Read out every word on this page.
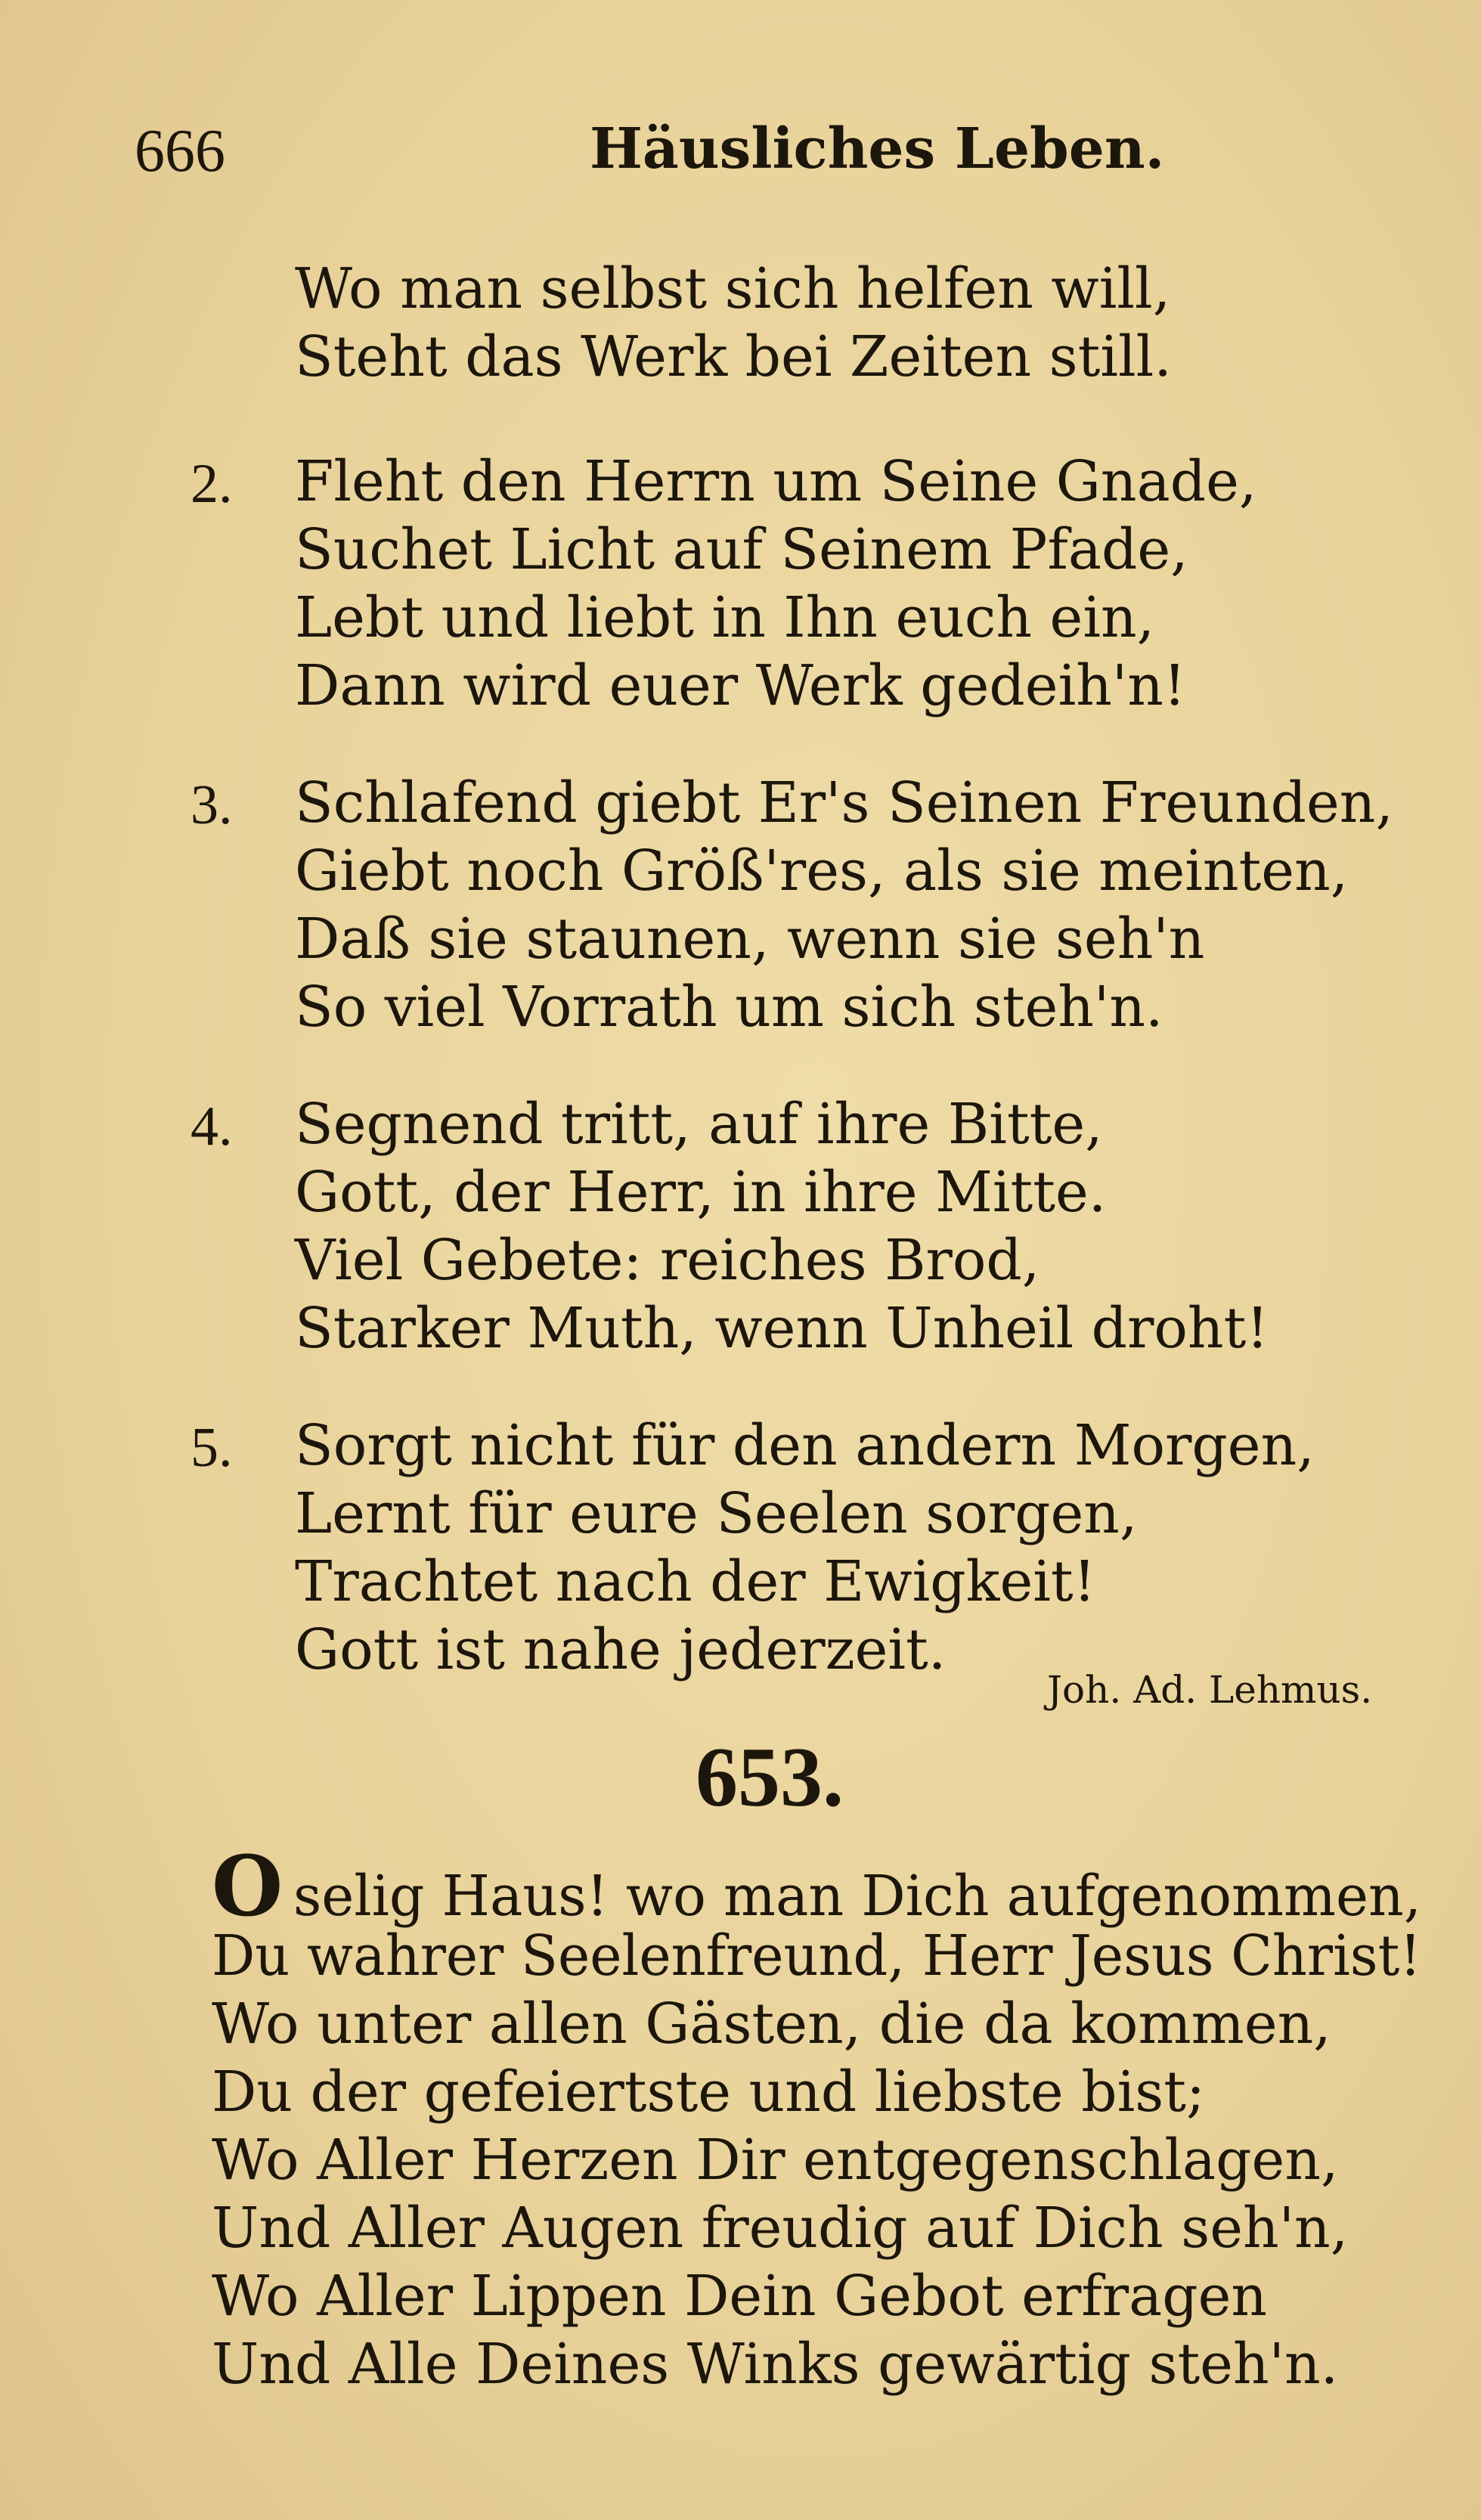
666	Häusliches Leben.
Wo man selbst sich helfen will,
Steht das Werk bei Zeiten still.
2. Fleht den Herrn um Seine Gnade,
Suchet Licht auf Seinem Pfade,
Lebt und liebt in Ihn euch ein,
Dann wird euer Werk gedeih'n!
3. Schlafend giebt Er's Seinen Freunden,
Giebt noch Größ'res, als sie meinten,
Daß sie staunen, wenn sie seh'n
So viel Vorrath um sich steh'n.
4. Segnend tritt, auf ihre Bitte,
Gott, der Herr, in ihre Mitte.
Viel Gebete: reiches Brod,
Starker Muth, wenn Unheil droht!
5. Sorgt nicht für den andern Morgen,
Lernt für eure Seelen sorgen,
Trachtet nach der Ewigkeit!
Gott ist nahe jederzeit.
Joh. Ad. Lehmus.
653.
O selig Haus! wo man Dich aufgenommen,
Du wahrer Seelenfreund, Herr Jesus Christ!
Wo unter allen Gästen, die da kommen,
Du der gefeiertste und liebste bist;
Wo Aller Herzen Dir entgegenschlagen,
Und Aller Augen freudig auf Dich seh'n,
Wo Aller Lippen Dein Gebot erfragen
Und Alle Deines Winks gewärtig steh'n.
